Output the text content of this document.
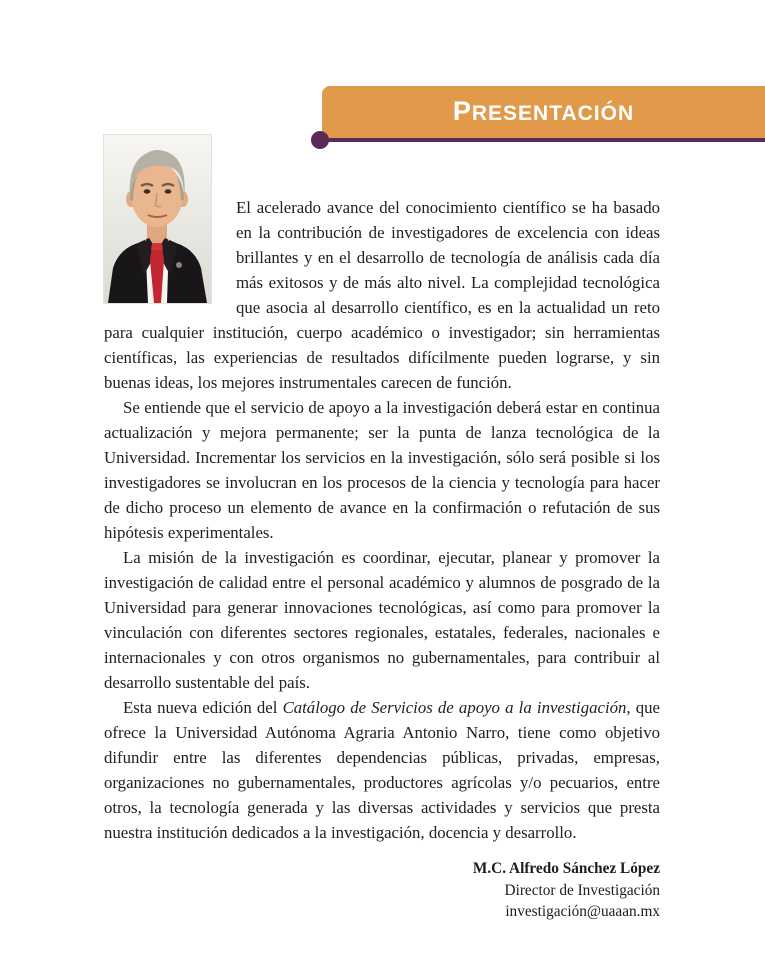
PRESENTACIÓN

El acelerado avance del conocimiento científico se ha basado en la contribución de investigadores de excelencia con ideas brillantes y en el desarrollo de tecnología de análisis cada día más exitosos y de más alto nivel. La complejidad tecnológica que asocia al desarrollo científico, es en la actualidad un reto para cualquier institución, cuerpo académico o investigador; sin herramientas científicas, las experiencias de resultados difícilmente pueden lograrse, y sin buenas ideas, los mejores instrumentales carecen de función.

Se entiende que el servicio de apoyo a la investigación deberá estar en continua actualización y mejora permanente; ser la punta de lanza tecnológica de la Universidad. Incrementar los servicios en la investigación, sólo será posible si los investigadores se involucran en los procesos de la ciencia y tecnología para hacer de dicho proceso un elemento de avance en la confirmación o refutación de sus hipótesis experimentales.

La misión de la investigación es coordinar, ejecutar, planear y promover la investigación de calidad entre el personal académico y alumnos de posgrado de la Universidad para generar innovaciones tecnológicas, así como para promover la vinculación con diferentes sectores regionales, estatales, federales, nacionales e internacionales y con otros organismos no gubernamentales, para contribuir al desarrollo sustentable del país.

Esta nueva edición del Catálogo de Servicios de apoyo a la investigación, que ofrece la Universidad Autónoma Agraria Antonio Narro, tiene como objetivo difundir entre las diferentes dependencias públicas, privadas, empresas, organizaciones no gubernamentales, productores agrícolas y/o pecuarios, entre otros, la tecnología generada y las diversas actividades y servicios que presta nuestra institución dedicados a la investigación, docencia y desarrollo.

M.C. Alfredo Sánchez López
Director de Investigación
investigación@uaaan.mx
